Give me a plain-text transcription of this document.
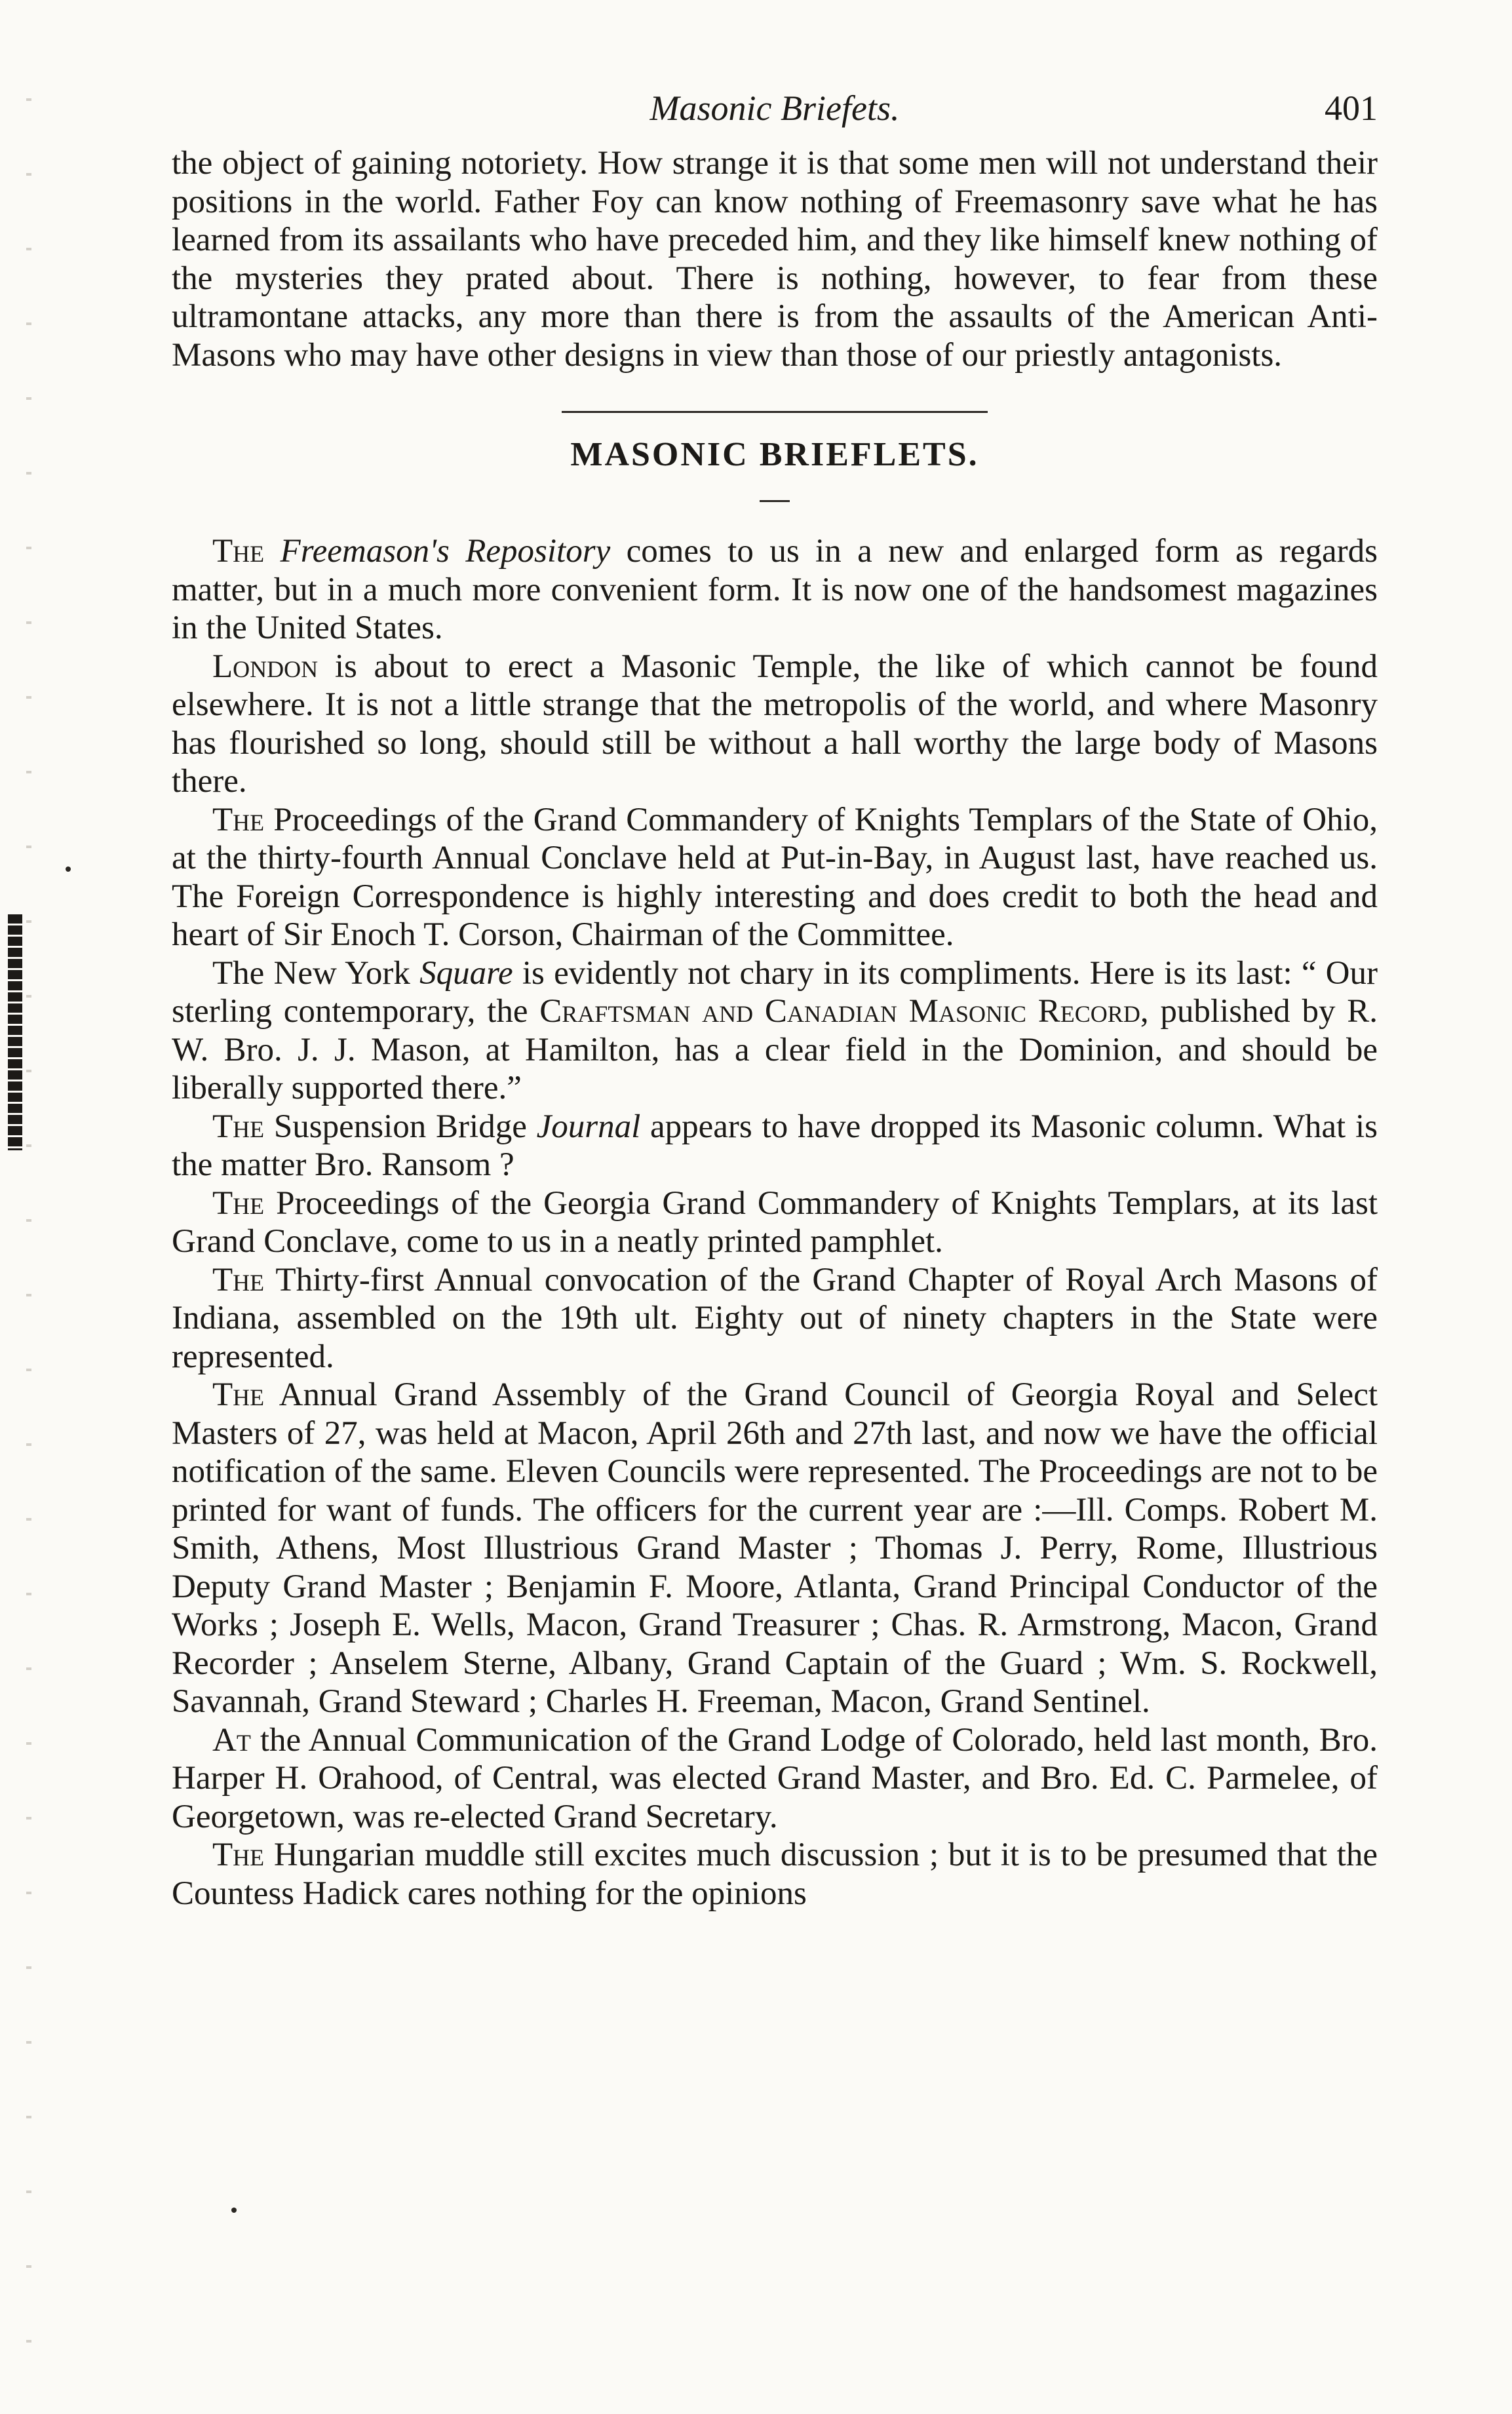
Masonic Briefets.	401

the object of gaining notoriety. How strange it is that some men will not understand their positions in the world. Father Foy can know nothing of Freemasonry save what he has learned from its assailants who have preceded him, and they like himself knew nothing of the mysteries they prated about. There is nothing, however, to fear from these ultramontane attacks, any more than there is from the assaults of the American Anti-Masons who may have other designs in view than those of our priestly antagonists.

MASONIC BRIEFLETS.

The Freemason's Repository comes to us in a new and enlarged form as regards matter, but in a much more convenient form. It is now one of the handsomest magazines in the United States.

London is about to erect a Masonic Temple, the like of which cannot be found elsewhere. It is not a little strange that the metropolis of the world, and where Masonry has flourished so long, should still be without a hall worthy the large body of Masons there.

The Proceedings of the Grand Commandery of Knights Templars of the State of Ohio, at the thirty-fourth Annual Conclave held at Put-in-Bay, in August last, have reached us. The Foreign Correspondence is highly interesting and does credit to both the head and heart of Sir Enoch T. Corson, Chairman of the Committee.

The New York Square is evidently not chary in its compliments. Here is its last: “ Our sterling contemporary, the Craftsman and Canadian Masonic Record, published by R. W. Bro. J. J. Mason, at Hamilton, has a clear field in the Dominion, and should be liberally supported there.”

The Suspension Bridge Journal appears to have dropped its Masonic column. What is the matter Bro. Ransom ?

The Proceedings of the Georgia Grand Commandery of Knights Templars, at its last Grand Conclave, come to us in a neatly printed pamphlet.

The Thirty-first Annual convocation of the Grand Chapter of Royal Arch Masons of Indiana, assembled on the 19th ult. Eighty out of ninety chapters in the State were represented.

The Annual Grand Assembly of the Grand Council of Georgia Royal and Select Masters of 27, was held at Macon, April 26th and 27th last, and now we have the official notification of the same. Eleven Councils were represented. The Proceedings are not to be printed for want of funds. The officers for the current year are :—Ill. Comps. Robert M. Smith, Athens, Most Illustrious Grand Master ; Thomas J. Perry, Rome, Illustrious Deputy Grand Master ; Benjamin F. Moore, Atlanta, Grand Principal Conductor of the Works ; Joseph E. Wells, Macon, Grand Treasurer ; Chas. R. Armstrong, Macon, Grand Recorder ; Anselem Sterne, Albany, Grand Captain of the Guard ; Wm. S. Rockwell, Savannah, Grand Steward ; Charles H. Freeman, Macon, Grand Sentinel.

At the Annual Communication of the Grand Lodge of Colorado, held last month, Bro. Harper H. Orahood, of Central, was elected Grand Master, and Bro. Ed. C. Parmelee, of Georgetown, was re-elected Grand Secretary.

The Hungarian muddle still excites much discussion ; but it is to be presumed that the Countess Hadick cares nothing for the opinions
